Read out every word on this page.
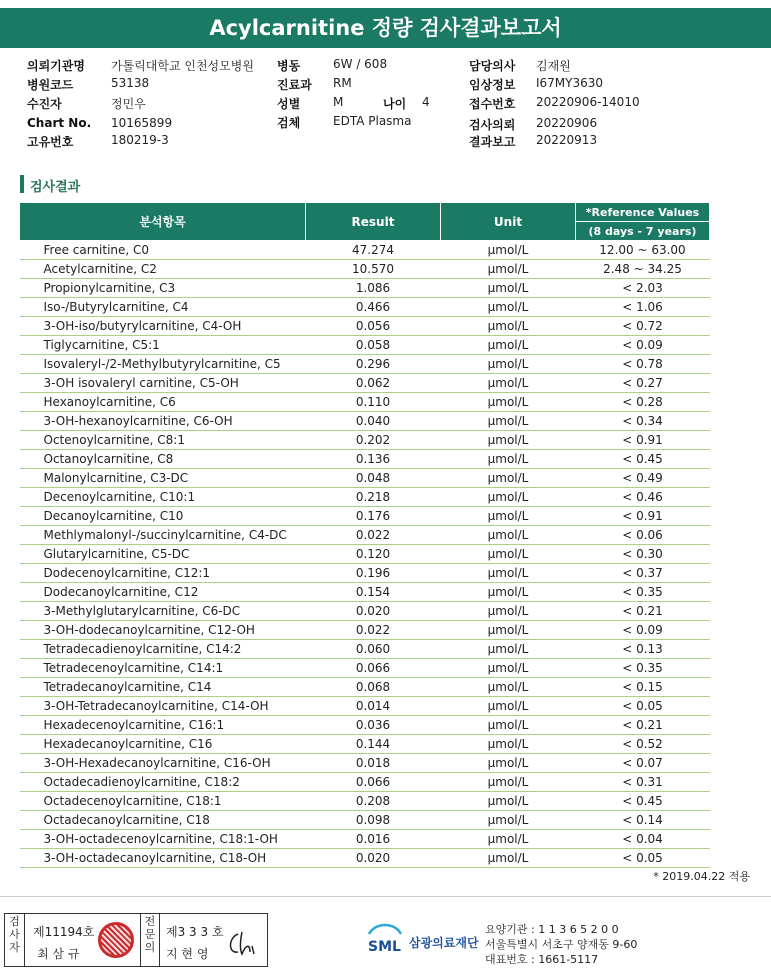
Acylcarnitine 정량 검사결과보고서
의뢰기관명 가톨릭대학교 인천성모병원
병원코드	53138
수진자	정민우
Chart No. 10165899
고유번호	180219-3
병동	6W / 608
진료과 RM
성별	M	나이 4
검체	EDTA Plasma
담당의사 김재원
임상정보 I67MY3630
접수번호 20220906-14010
검사의뢰 20220906
결과보고 20220913
검사결과
분석항목	Result	Unit	*Reference Values
			(8 days - 7 years)
Free carnitine, C0	47.274	μmol/L	12.00 ~ 63.00
Acetylcarnitine, C2	10.570	μmol/L	2.48 ~ 34.25
Propionylcarnitine, C3	1.086	μmol/L	< 2.03
Iso-/Butyrylcarnitine, C4	0.466	μmol/L	< 1.06
3-OH-iso/butyrylcarnitine, C4-OH	0.056	μmol/L	< 0.72
Tiglycarnitine, C5:1	0.058	μmol/L	< 0.09
Isovaleryl-/2-Methylbutyrylcarnitine, C5	0.296	μmol/L	< 0.78
3-OH isovaleryl carnitine, C5-OH	0.062	μmol/L	< 0.27
Hexanoylcarnitine, C6	0.110	μmol/L	< 0.28
3-OH-hexanoylcarnitine, C6-OH	0.040	μmol/L	< 0.34
Octenoylcarnitine, C8:1	0.202	μmol/L	< 0.91
Octanoylcarnitine, C8	0.136	μmol/L	< 0.45
Malonylcarnitine, C3-DC	0.048	μmol/L	< 0.49
Decenoylcarnitine, C10:1	0.218	μmol/L	< 0.46
Decanoylcarnitine, C10	0.176	μmol/L	< 0.91
Methlymalonyl-/succinylcarnitine, C4-DC	0.022	μmol/L	< 0.06
Glutarylcarnitine, C5-DC	0.120	μmol/L	< 0.30
Dodecenoylcarnitine, C12:1	0.196	μmol/L	< 0.37
Dodecanoylcarnitine, C12	0.154	μmol/L	< 0.35
3-Methylglutarylcarnitine, C6-DC	0.020	μmol/L	< 0.21
3-OH-dodecanoylcarnitine, C12-OH	0.022	μmol/L	< 0.09
Tetradecadienoylcarnitine, C14:2	0.060	μmol/L	< 0.13
Tetradecenoylcarnitine, C14:1	0.066	μmol/L	< 0.35
Tetradecanoylcarnitine, C14	0.068	μmol/L	< 0.15
3-OH-Tetradecanoylcarnitine, C14-OH	0.014	μmol/L	< 0.05
Hexadecenoylcarnitine, C16:1	0.036	μmol/L	< 0.21
Hexadecanoylcarnitine, C16	0.144	μmol/L	< 0.52
3-OH-Hexadecanoylcarnitine, C16-OH	0.018	μmol/L	< 0.07
Octadecadienoylcarnitine, C18:2	0.066	μmol/L	< 0.31
Octadecenoylcarnitine, C18:1	0.208	μmol/L	< 0.45
Octadecanoylcarnitine, C18	0.098	μmol/L	< 0.14
3-OH-octadecenoylcarnitine, C18:1-OH	0.016	μmol/L	< 0.04
3-OH-octadecanoylcarnitine, C18-OH	0.020	μmol/L	< 0.05
* 2019.04.22 적용
검사자
제11194호
최 삼 규
전문의
제3 3 3 호
지 현 영	SML 삼광의료재단
요양기관 : 1 1 3 6 5 2 0 0
서울특별시 서초구 양재동 9-60
대표번호 : 1661-5117
